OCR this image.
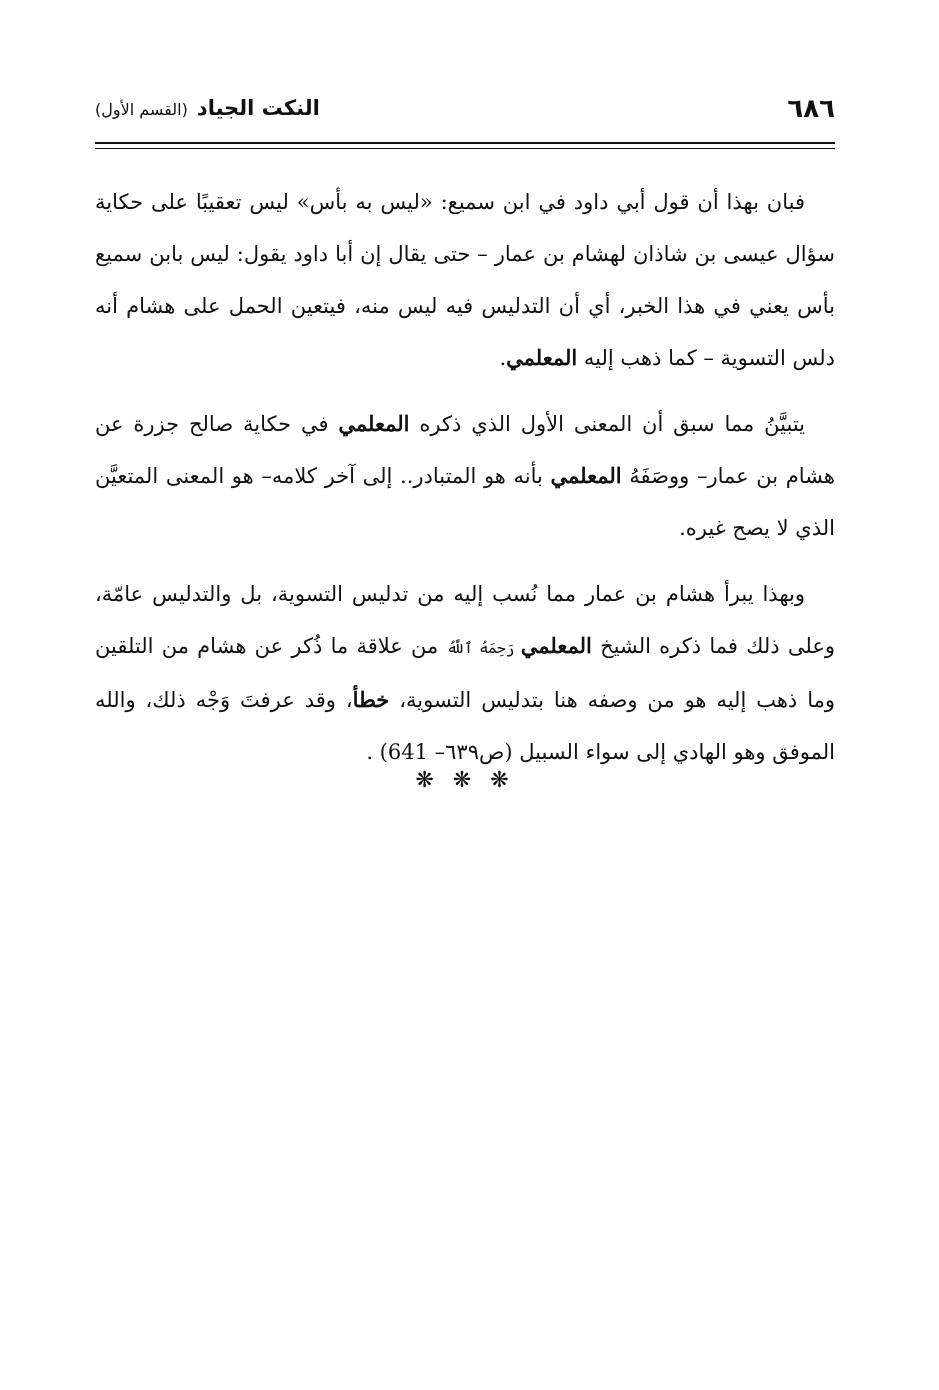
٦٨٦
النكت الجياد (القسم الأول)

فبان بهذا أن قول أبي داود في ابن سميع: «ليس به بأس» ليس تعقيبًا على حكاية سؤال عيسى بن شاذان لهشام بن عمار – حتى يقال إن أبا داود يقول: ليس بابن سميع بأس يعني في هذا الخبر، أي أن التدليس فيه ليس منه، فيتعين الحمل على هشام أنه دلس التسوية – كما ذهب إليه المعلمي.

يتبيَّنُ مما سبق أن المعنى الأول الذي ذكره المعلمي في حكاية صالح جزرة عن هشام بن عمار– ووصَفَهُ المعلمي بأنه هو المتبادر.. إلى آخر كلامه– هو المعنى المتعيَّن الذي لا يصح غيره.

وبهذا يبرأ هشام بن عمار مما نُسب إليه من تدليس التسوية، بل والتدليس عامّة، وعلى ذلك فما ذكره الشيخ المعلمي رَحِمَهُ ٱللَّهُ من علاقة ما ذُكر عن هشام من التلقين وما ذهب إليه هو من وصفه هنا بتدليس التسوية، خطأ، وقد عرفتَ وَجْه ذلك، والله الموفق وهو الهادي إلى سواء السبيل (ص٦٣٩– 641) .

❋ ❋ ❋
